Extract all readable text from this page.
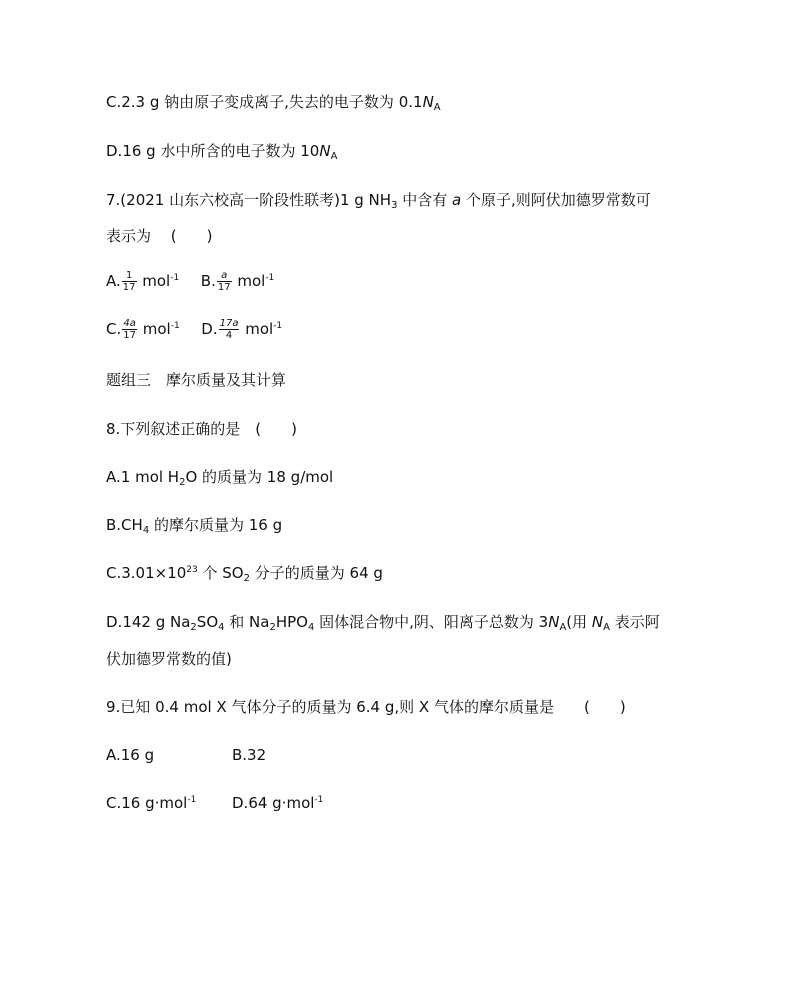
C.2.3 g 钠由原子变成离子,失去的电子数为 $0.1N_A$
D.16 g 水中所含的电子数为 $10N_A$
7.(2021 山东六校高一阶段性联考)1 g $NH_3$ 中含有 a 个原子,则阿伏加德罗常数可
表示为　 (　　)
A. $\frac{1}{17} mol^{-1}$ B. $\frac{a}{17} mol^{-1}$
C. $\frac{4a}{17} mol^{-1}$ D. $\frac{17a}{4} mol^{-1}$
题组三　摩尔质量及其计算
8.下列叙述正确的是　(　　)
A.1 mol $H_2O$ 的质量为 18 g/mol
$B.CH_4$ 的摩尔质量为 16 g
$C.3.01\times 10^{23}$ 个 $SO_2$ 分子的质量为 64 g
D.142 g $Na_2SO_4$ 和 $Na_2HPO_4$ 固体混合物中,阴、阳离子总数为 $3N_A$(用 $N_A$ 表示阿
伏加德罗常数的值)
9.已知 0.4 mol X 气体分子的质量为 6.4 g,则 X 气体的摩尔质量是　　(　　)
A.16 g	B.32
C.16 g·mol$^{-1}$ D.64 g·mol$^{-1}$
